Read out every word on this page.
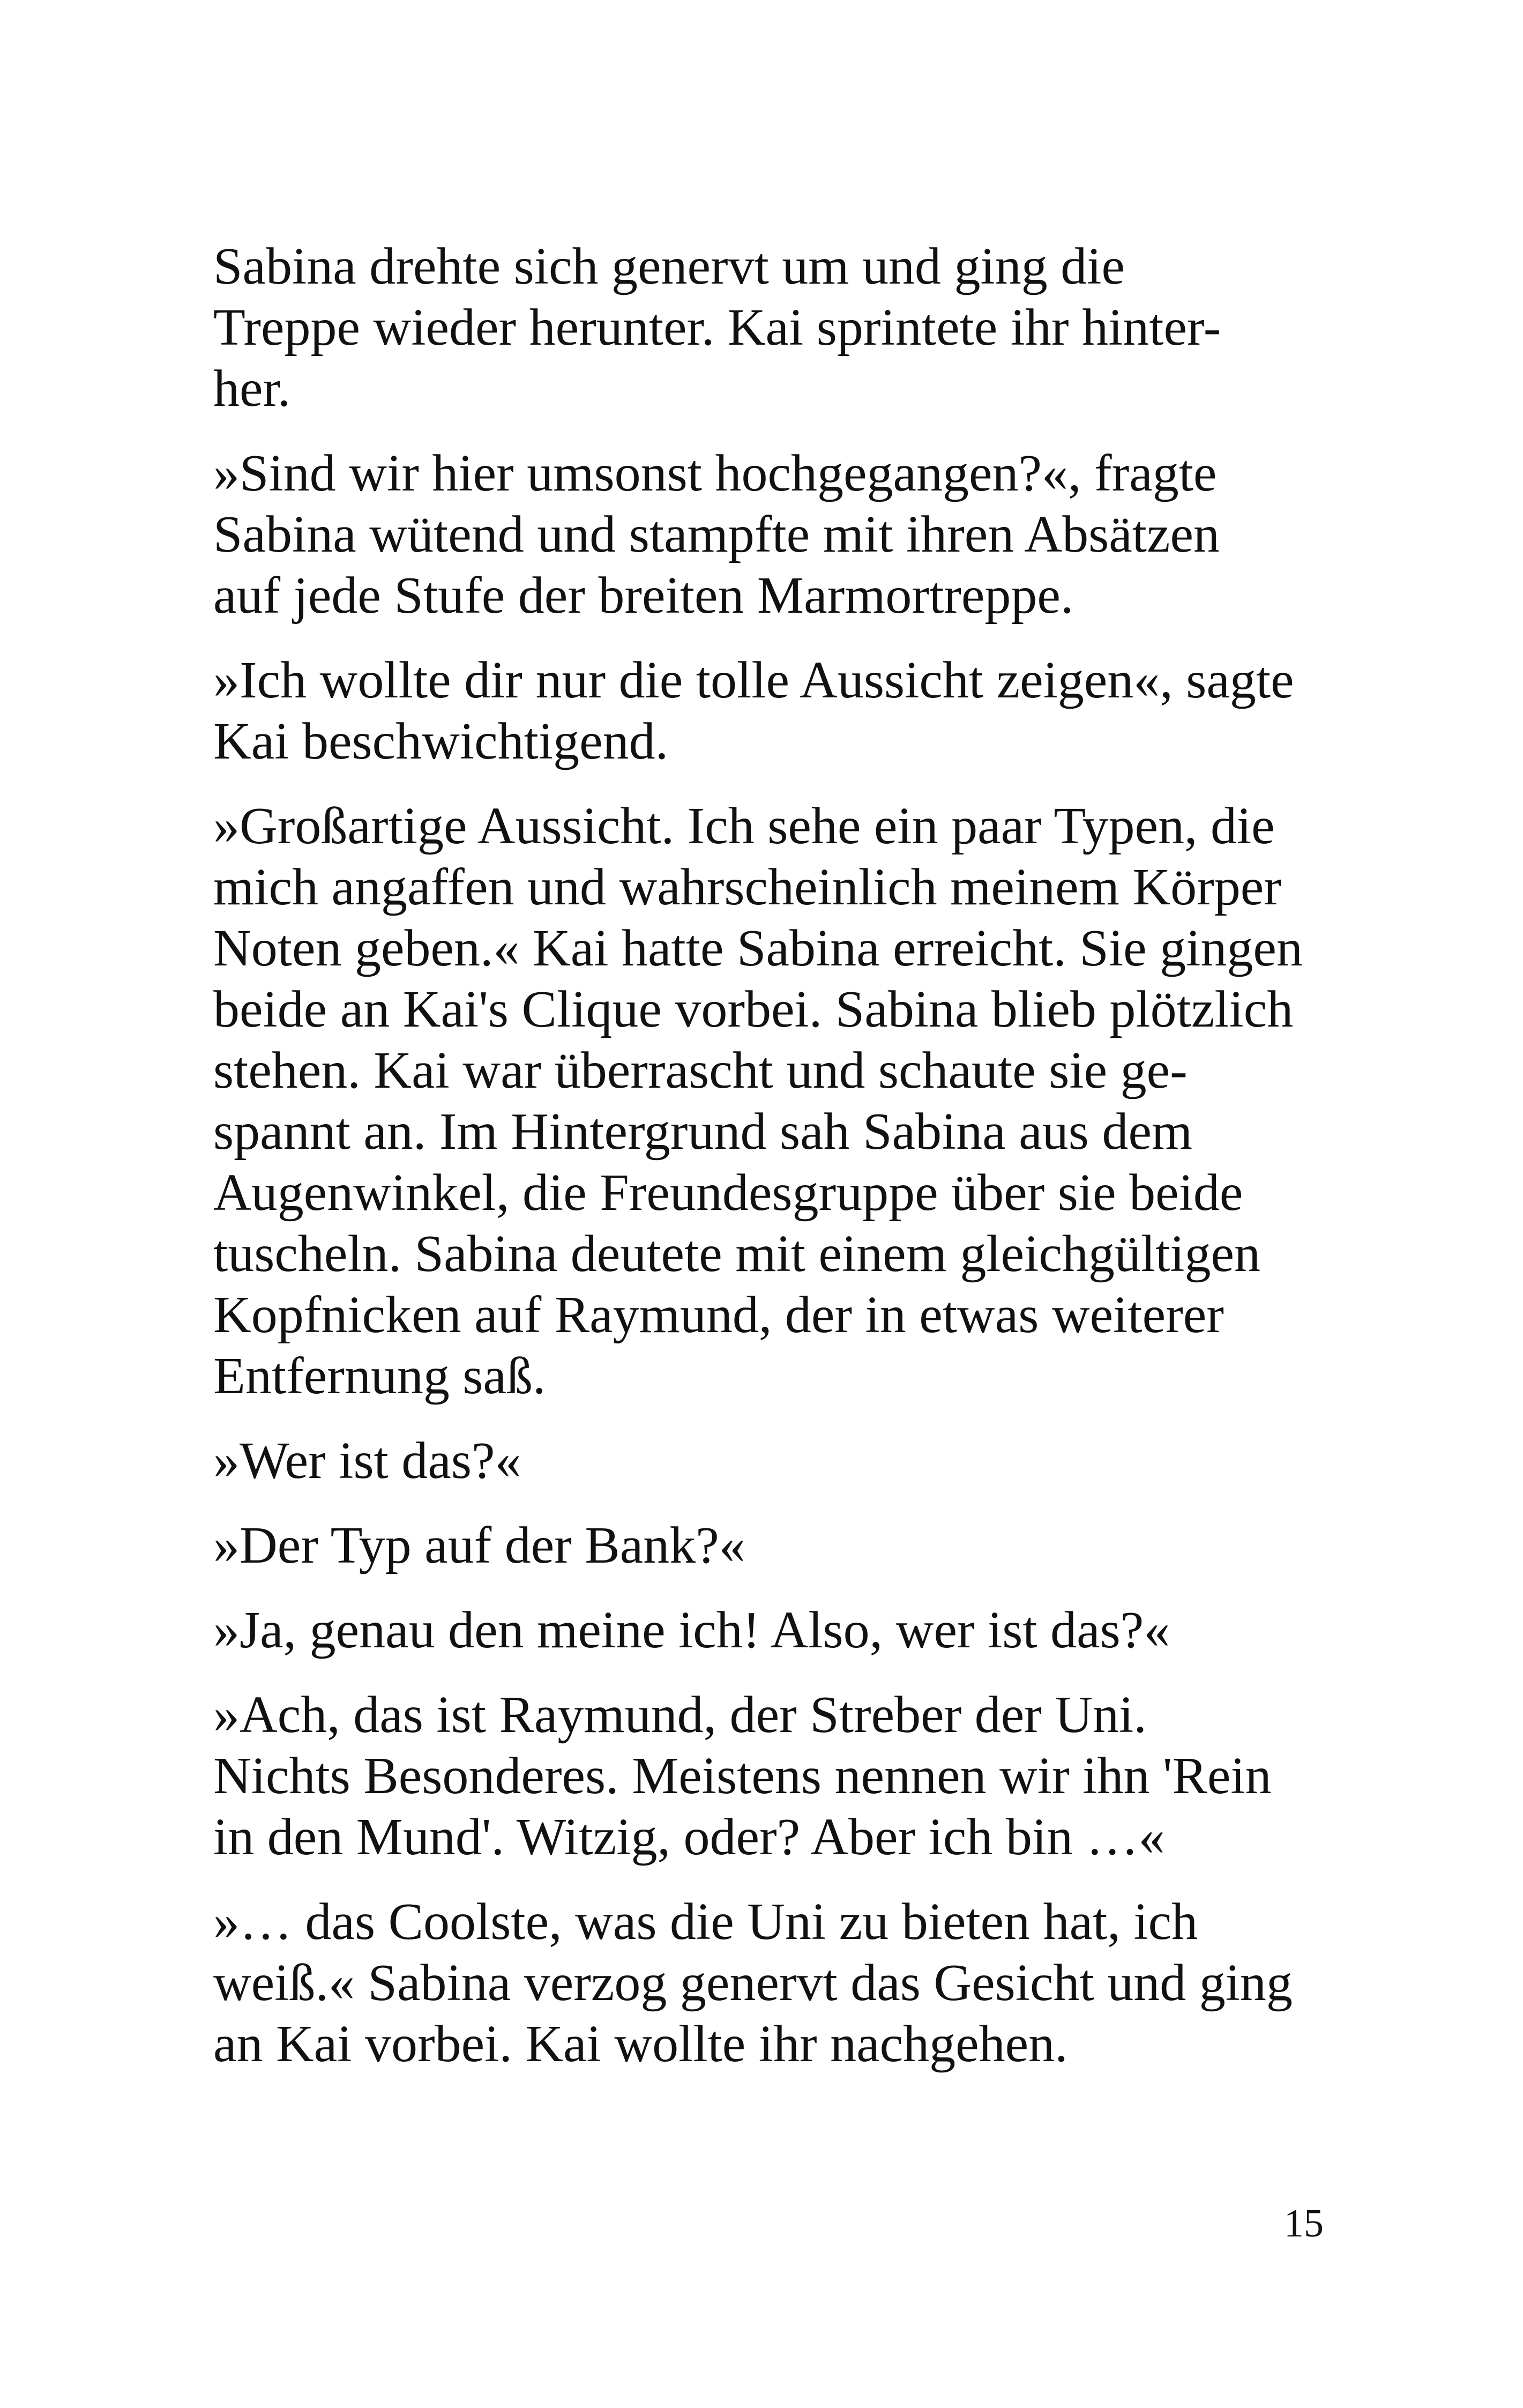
Sabina drehte sich genervt um und ging die
Treppe wieder herunter. Kai sprintete ihr hinter-
her.

»Sind wir hier umsonst hochgegangen?«, fragte
Sabina wütend und stampfte mit ihren Absätzen
auf jede Stufe der breiten Marmortreppe.

»Ich wollte dir nur die tolle Aussicht zeigen«, sagte
Kai beschwichtigend.

»Großartige Aussicht. Ich sehe ein paar Typen, die
mich angaffen und wahrscheinlich meinem Körper
Noten geben.« Kai hatte Sabina erreicht. Sie gingen
beide an Kai's Clique vorbei. Sabina blieb plötzlich
stehen. Kai war überrascht und schaute sie ge-
spannt an. Im Hintergrund sah Sabina aus dem
Augenwinkel, die Freundesgruppe über sie beide
tuscheln. Sabina deutete mit einem gleichgültigen
Kopfnicken auf Raymund, der in etwas weiterer
Entfernung saß.

»Wer ist das?«

»Der Typ auf der Bank?«

»Ja, genau den meine ich! Also, wer ist das?«

»Ach, das ist Raymund, der Streber der Uni.
Nichts Besonderes. Meistens nennen wir ihn 'Rein
in den Mund'. Witzig, oder? Aber ich bin …«

»… das Coolste, was die Uni zu bieten hat, ich
weiß.« Sabina verzog genervt das Gesicht und ging
an Kai vorbei. Kai wollte ihr nachgehen.

15
